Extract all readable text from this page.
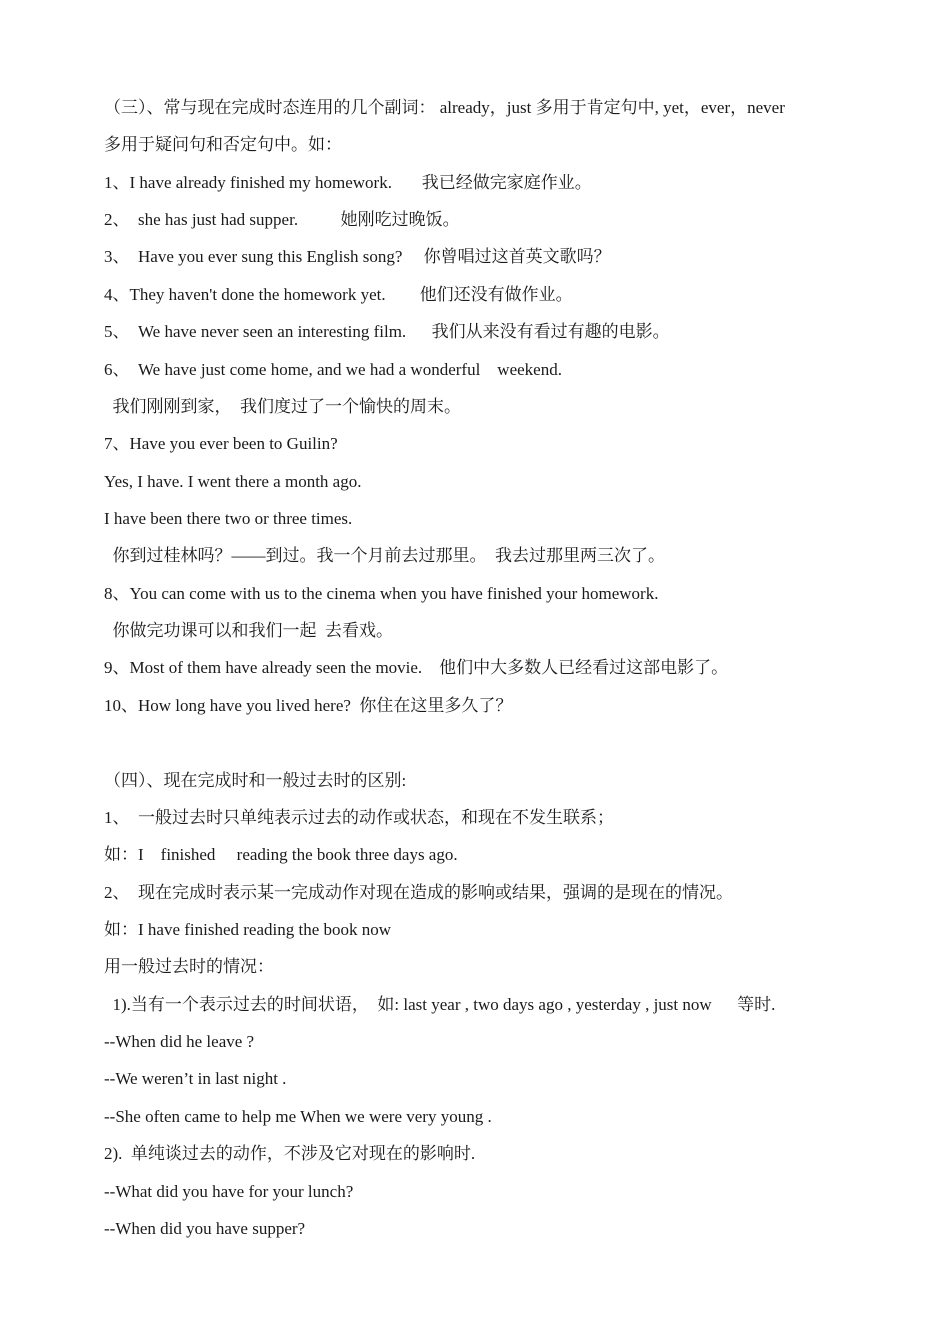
（三）、常与现在完成时态连用的几个副词： already，just 多用于肯定句中, yet，ever，never
多用于疑问句和否定句中。如：
1、I have already finished my homework.       我已经做完家庭作业。
2、  she has just had supper.          她刚吃过晚饭。
3、  Have you ever sung this English song?     你曾唱过这首英文歌吗？
4、They haven't done the homework yet.        他们还没有做作业。
5、  We have never seen an interesting film.      我们从来没有看过有趣的电影。
6、  We have just come home, and we had a wonderful    weekend.
我们刚刚到家，  我们度过了一个愉快的周末。
7、Have you ever been to Guilin?
Yes, I have. I went there a month ago.
I have been there two or three times.
你到过桂林吗？——到过。我一个月前去过那里。  我去过那里两三次了。
8、You can come with us to the cinema when you have finished your homework.
你做完功课可以和我们一起  去看戏。
9、Most of them have already seen the movie.    他们中大多数人已经看过这部电影了。
10、How long have you lived here?  你住在这里多久了？
（四）、现在完成时和一般过去时的区别:
1、  一般过去时只单纯表示过去的动作或状态，和现在不发生联系；
如：I    finished     reading the book three days ago.
2、  现在完成时表示某一完成动作对现在造成的影响或结果，强调的是现在的情况。
如：I have finished reading the book now
用一般过去时的情况：
1).当有一个表示过去的时间状语，  如: last year , two days ago , yesterday , just now      等时.
--When did he leave ?
--We weren’t in last night .
--She often came to help me When we were very young .
2).  单纯谈过去的动作，不涉及它对现在的影响时.
--What did you have for your lunch?
--When did you have supper?
